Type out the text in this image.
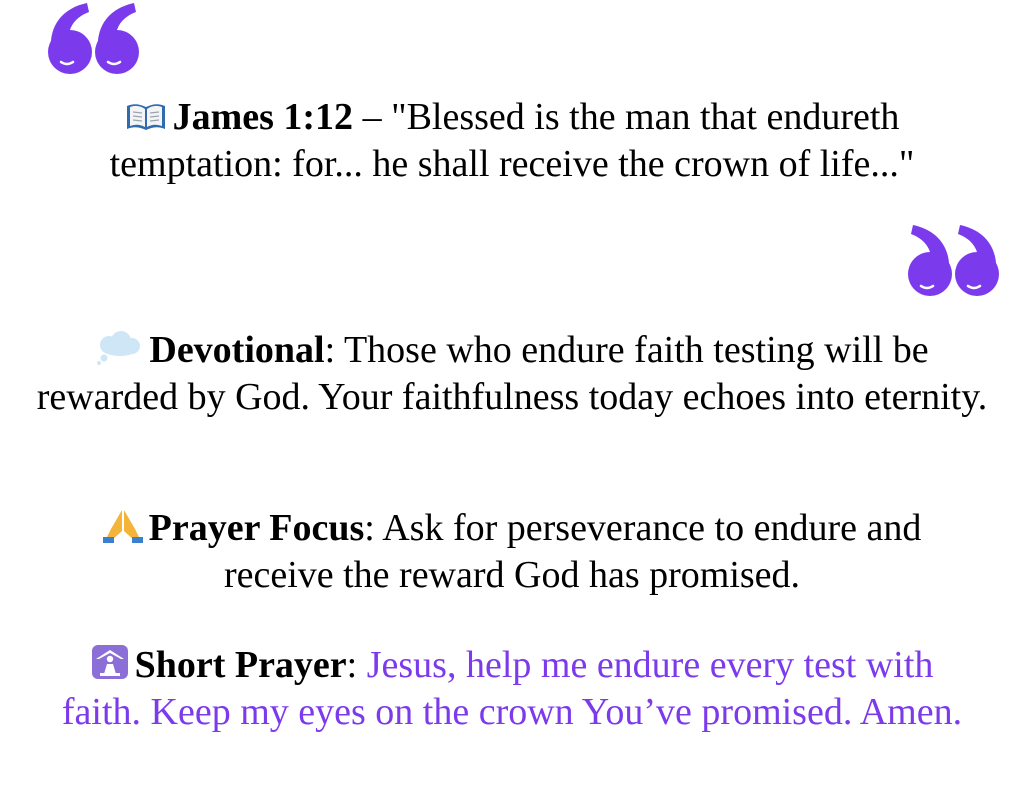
James 1:12 – "Blessed is the man that endureth temptation: for... he shall receive the crown of life..."
Devotional: Those who endure faith testing will be rewarded by God. Your faithfulness today echoes into eternity.
Prayer Focus: Ask for perseverance to endure and receive the reward God has promised.
Short Prayer: Jesus, help me endure every test with faith. Keep my eyes on the crown You’ve promised. Amen.
